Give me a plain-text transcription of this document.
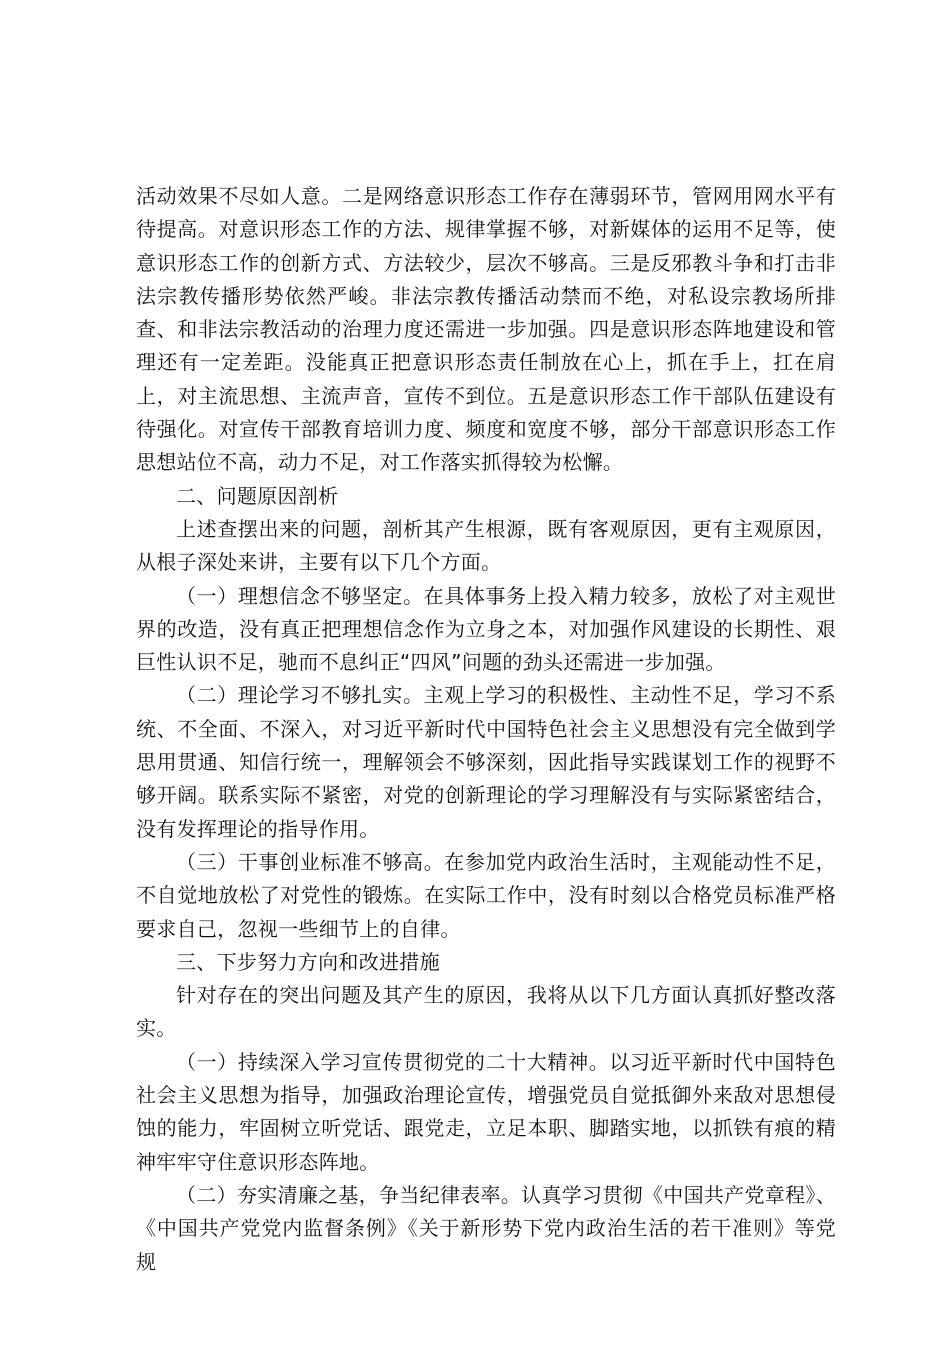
活动效果不尽如人意。二是网络意识形态工作存在薄弱环节，管网用网水平有待提高。对意识形态工作的方法、规律掌握不够，对新媒体的运用不足等，使意识形态工作的创新方式、方法较少，层次不够高。三是反邪教斗争和打击非法宗教传播形势依然严峻。非法宗教传播活动禁而不绝，对私设宗教场所排查、和非法宗教活动的治理力度还需进一步加强。四是意识形态阵地建设和管理还有一定差距。没能真正把意识形态责任制放在心上，抓在手上，扛在肩上，对主流思想、主流声音，宣传不到位。五是意识形态工作干部队伍建设有待强化。对宣传干部教育培训力度、频度和宽度不够，部分干部意识形态工作思想站位不高，动力不足，对工作落实抓得较为松懈。

二、问题原因剖析

上述查摆出来的问题，剖析其产生根源，既有客观原因，更有主观原因，从根子深处来讲，主要有以下几个方面。

（一）理想信念不够坚定。在具体事务上投入精力较多，放松了对主观世界的改造，没有真正把理想信念作为立身之本，对加强作风建设的长期性、艰巨性认识不足，驰而不息纠正“四风”问题的劲头还需进一步加强。

（二）理论学习不够扎实。主观上学习的积极性、主动性不足，学习不系统、不全面、不深入，对习近平新时代中国特色社会主义思想没有完全做到学思用贯通、知信行统一，理解领会不够深刻，因此指导实践谋划工作的视野不够开阔。联系实际不紧密，对党的创新理论的学习理解没有与实际紧密结合，没有发挥理论的指导作用。

（三）干事创业标准不够高。在参加党内政治生活时，主观能动性不足，不自觉地放松了对党性的锻炼。在实际工作中，没有时刻以合格党员标准严格要求自己，忽视一些细节上的自律。

三、下步努力方向和改进措施

针对存在的突出问题及其产生的原因，我将从以下几方面认真抓好整改落实。

（一）持续深入学习宣传贯彻党的二十大精神。以习近平新时代中国特色社会主义思想为指导，加强政治理论宣传，增强党员自觉抵御外来敌对思想侵蚀的能力，牢固树立听党话、跟党走，立足本职、脚踏实地，以抓铁有痕的精神牢牢守住意识形态阵地。

（二）夯实清廉之基，争当纪律表率。认真学习贯彻《中国共产党章程》、《中国共产党党内监督条例》《关于新形势下党内政治生活的若干准则》等党规
